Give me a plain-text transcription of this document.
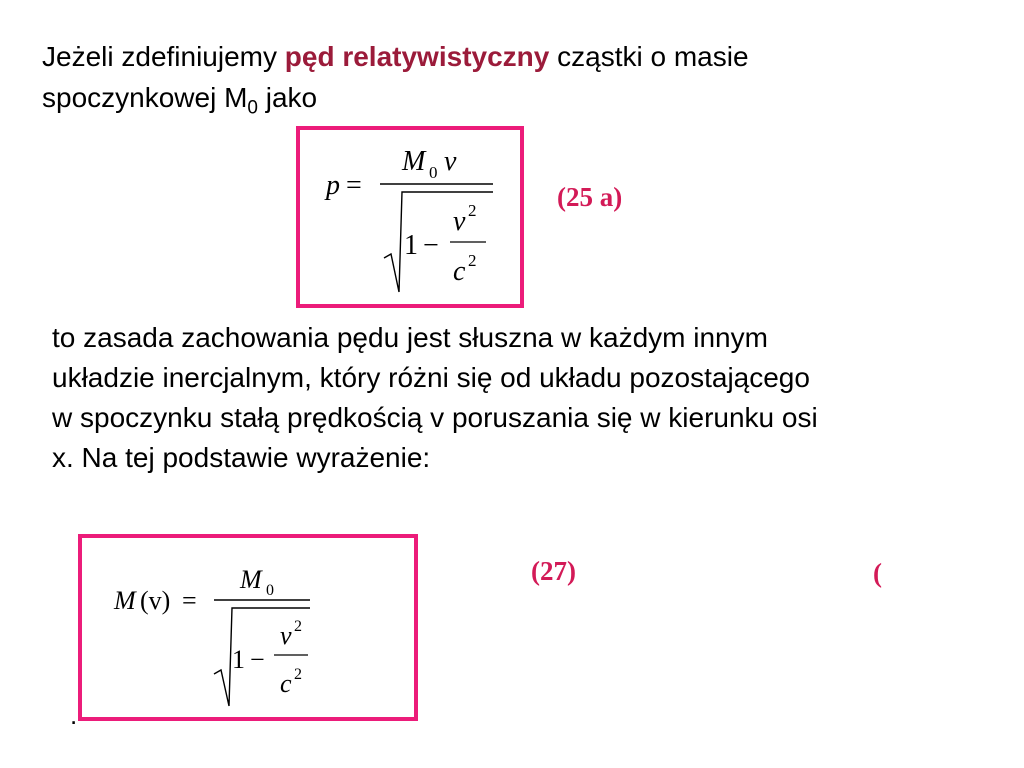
Jeżeli zdefiniujemy pęd relatywistyczny cząstki o masie
spoczynkowej $M_0$ jako
p =
M 0 v
1 −
v 2
c 2
(25 a)
to zasada zachowania pędu jest słuszna w każdym innym
układzie inercjalnym, który różni się od układu pozostającego
w spoczynku stałą prędkością v poruszania się w kierunku osi
x. Na tej podstawie wyrażenie:
M (v) =
M 0
1 −
v 2
c 2
(27)	(
.
